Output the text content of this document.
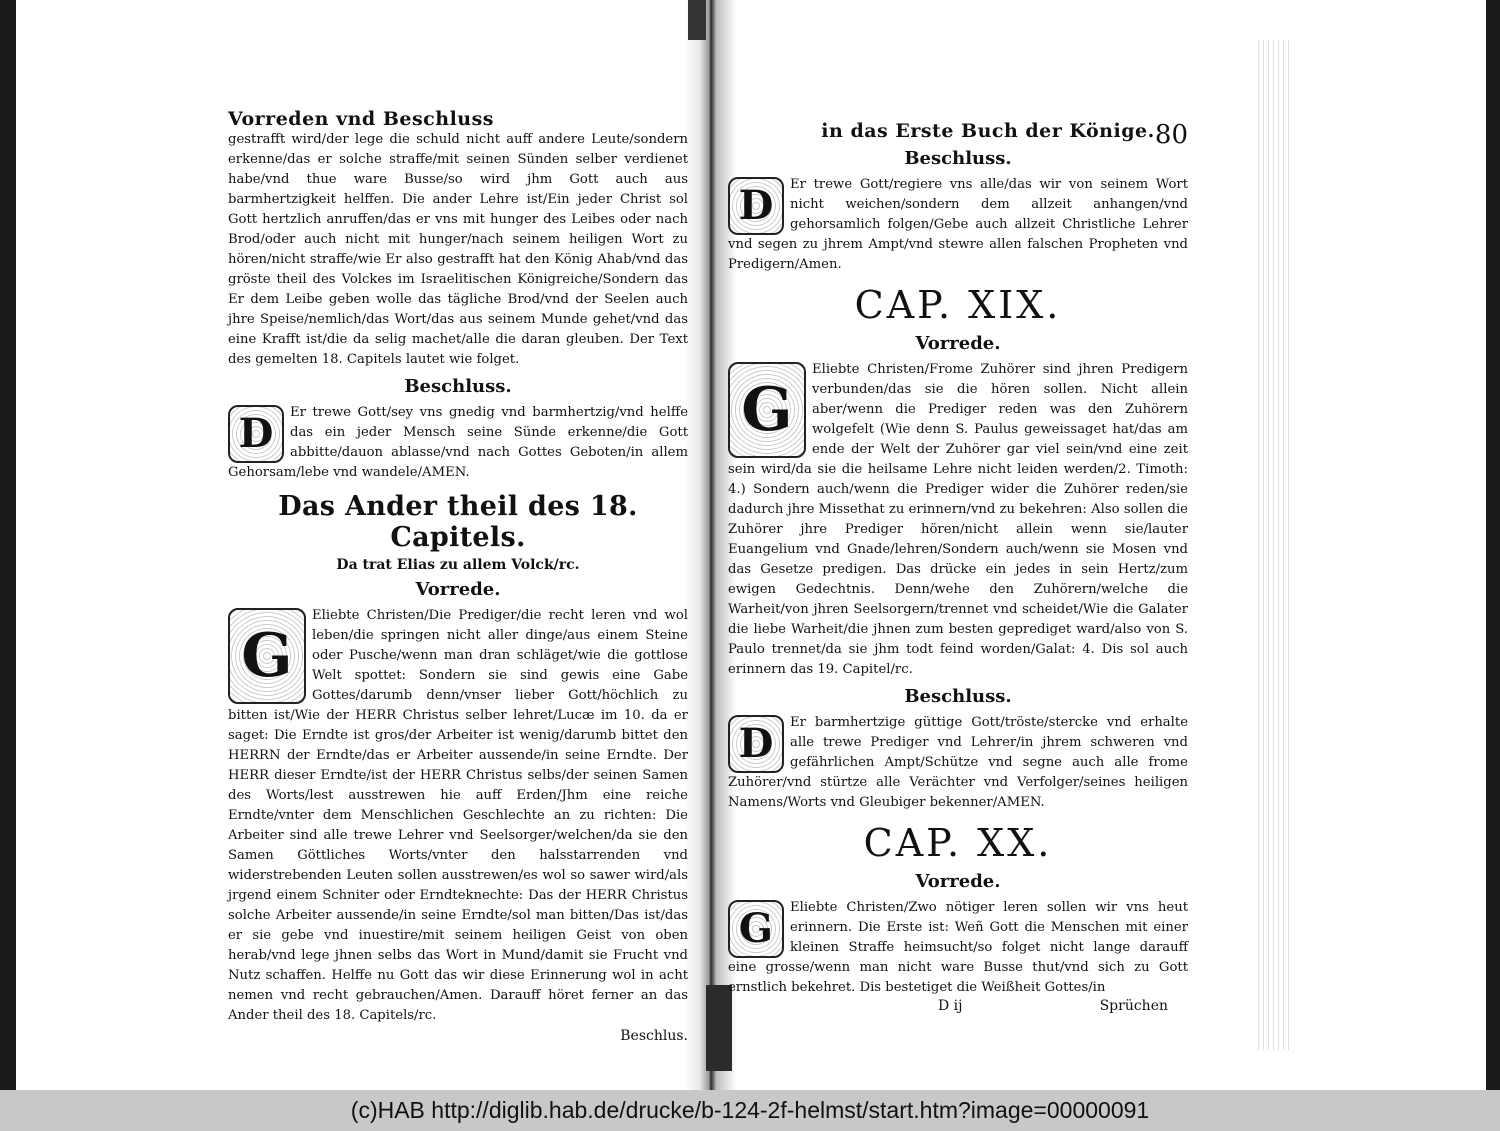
Vorreden vnd Beschluss

gestrafft wird/der lege die schuld nicht auff andere Leute/sondern erkenne/das er solche straffe/mit seinen Sünden selber verdienet habe/vnd thue ware Busse/so wird jhm Gott auch aus barmhertzigkeit helffen. Die ander Lehre ist/Ein jeder Christ sol Gott hertzlich anruffen/das er vns mit hunger des Leibes oder nach Brod/oder auch nicht mit hunger/nach seinem heiligen Wort zu hören/nicht straffe/wie Er also gestrafft hat den König Ahab/vnd das gröste theil des Volckes im Israelitischen Königreiche/Sondern das Er dem Leibe geben wolle das tägliche Brod/vnd der Seelen auch jhre Speise/nemlich/das Wort/das aus seinem Munde gehet/vnd das eine Krafft ist/die da selig machet/alle die daran gleuben. Der Text des gemelten 18. Capitels lautet wie folget.

Beschluss.

D	Er trewe Gott/sey vns gnedig vnd barmhertzig/vnd helffe das ein jeder Mensch seine Sünde erkenne/die Gott abbitte/dauon ablasse/vnd nach Gottes Geboten/in allem Gehorsam/lebe vnd wandele/AMEN.

Das Ander theil des 18. Capitels.
Da trat Elias zu allem Volck/rc.
Vorrede.

G
Eliebte Christen/Die Prediger/die recht leren vnd wol leben/die springen nicht aller dinge/aus einem Steine oder Pusche/wenn man dran schläget/wie die gottlose Welt spottet: Sondern sie sind gewis eine Gabe Gottes/darumb denn/vnser lieber Gott/höchlich zu bitten ist/Wie der HERR Christus selber lehret/Lucæ im 10. da er saget: Die Erndte ist gros/der Arbeiter ist wenig/darumb bittet den HERRN der Erndte/das er Arbeiter aussende/in seine Erndte. Der HERR dieser Erndte/ist der HERR Christus selbs/der seinen Samen des Worts/lest ausstrewen hie auff Erden/Jhm eine reiche Erndte/vnter dem Menschlichen Geschlechte an zu richten: Die Arbeiter sind alle trewe Lehrer vnd Seelsorger/welchen/da sie den Samen Göttliches Worts/vnter den halsstarrenden vnd widerstrebenden Leuten sollen ausstrewen/es wol so sawer wird/als jrgend einem Schniter oder Erndteknechte: Das der HERR Christus solche Arbeiter aussende/in seine Erndte/sol man bitten/Das ist/das er sie gebe vnd inuestire/mit seinem heiligen Geist von oben herab/vnd lege jhnen selbs das Wort in Mund/damit sie Frucht vnd Nutz schaffen. Helffe nu Gott das wir diese Erinnerung wol in acht nemen vnd recht gebrauchen/Amen. Darauff höret ferner an das Ander theil des 18. Capitels/rc.

Beschlus.
in das Erste Buch der Könige. 80
Beschluss.

D	Er trewe Gott/regiere vns alle/das wir von seinem Wort nicht weichen/sondern dem allzeit anhangen/vnd gehorsamlich folgen/Gebe auch allzeit Christliche Lehrer vnd segen zu jhrem Ampt/vnd stewre allen falschen Propheten vnd Predigern/Amen.

CAP. XIX.
Vorrede.

G
Eliebte Christen/Frome Zuhörer sind jhren Predigern verbunden/das sie die hören sollen. Nicht allein aber/wenn die Prediger reden was den Zuhörern wolgefelt (Wie denn S. Paulus geweissaget hat/das am ende der Welt der Zuhörer gar viel sein/vnd eine zeit sein wird/da sie die heilsame Lehre nicht leiden werden/2. Timoth: 4.) Sondern auch/wenn die Prediger wider die Zuhörer reden/sie dadurch jhre Missethat zu erinnern/vnd zu bekehren: Also sollen die Zuhörer jhre Prediger hören/nicht allein wenn sie/lauter Euangelium vnd Gnade/lehren/Sondern auch/wenn sie Mosen vnd das Gesetze predigen. Das drücke ein jedes in sein Hertz/zum ewigen Gedechtnis. Denn/wehe den Zuhörern/welche die Warheit/von jhren Seelsorgern/trennet vnd scheidet/Wie die Galater die liebe Warheit/die jhnen zum besten geprediget ward/also von S. Paulo trennet/da sie jhm todt feind worden/Galat: 4. Dis sol auch erinnern das 19. Capitel/rc.

Beschluss.

D	Er barmhertzige güttige Gott/tröste/stercke vnd erhalte alle trewe Prediger vnd Lehrer/in jhrem schweren vnd gefährlichen Ampt/Schütze vnd segne auch alle frome Zuhörer/vnd stürtze alle Verächter vnd Verfolger/seines heiligen Namens/Worts vnd Gleubiger bekenner/AMEN.

CAP. XX.
Vorrede.

G	Eliebte Christen/Zwo nötiger leren sollen wir vns heut erinnern. Die Erste ist: Weñ Gott die Menschen mit einer kleinen Straffe heimsucht/so folget nicht lange darauff eine grosse/wenn man nicht ware Busse thut/vnd sich zu Gott ernstlich bekehret. Dis bestetiget die Weißheit Gottes/in

D ij	Sprüchen
(c)HAB http://diglib.hab.de/drucke/b-124-2f-helmst/start.htm?image=00000091
